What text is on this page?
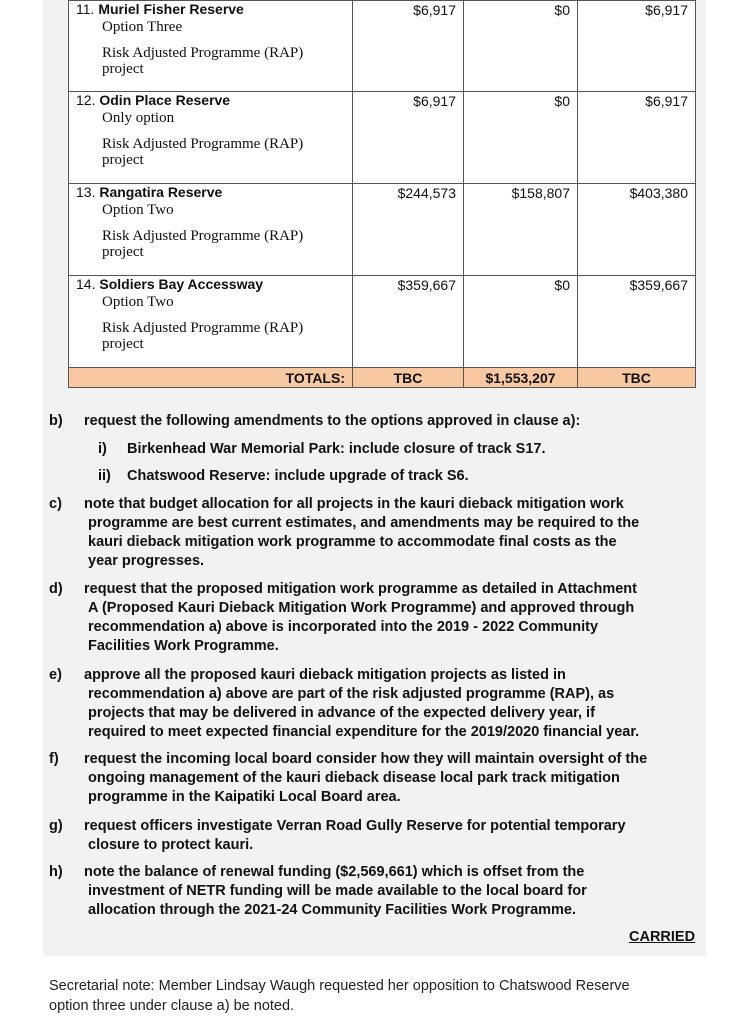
11. Muriel Fisher Reserve
Option Three
Risk Adjusted Programme (RAP)
project	$6,917	$0	$6,917

12. Odin Place Reserve
Only option
Risk Adjusted Programme (RAP)
project	$6,917	$0	$6,917

13. Rangatira Reserve
Option Two
Risk Adjusted Programme (RAP)
project	$244,573	$158,807	$403,380

14. Soldiers Bay Accessway
Option Two
Risk Adjusted Programme (RAP)
project	$359,667	$0	$359,667
TOTALS:	TBC	$1,553,207	TBC
b) request the following amendments to the options approved in clause a):
i) Birkenhead War Memorial Park: include closure of track S17.
ii) Chatswood Reserve: include upgrade of track S6.
c) note that budget allocation for all projects in the kauri dieback mitigation work
programme are best current estimates, and amendments may be required to the
kauri dieback mitigation work programme to accommodate final costs as the
year progresses.
d) request that the proposed mitigation work programme as detailed in Attachment
A (Proposed Kauri Dieback Mitigation Work Programme) and approved through
recommendation a) above is incorporated into the 2019 - 2022 Community
Facilities Work Programme.
e) approve all the proposed kauri dieback mitigation projects as listed in
recommendation a) above are part of the risk adjusted programme (RAP), as
projects that may be delivered in advance of the expected delivery year, if
required to meet expected financial expenditure for the 2019/2020 financial year.
f) request the incoming local board consider how they will maintain oversight of the
ongoing management of the kauri dieback disease local park track mitigation
programme in the Kaipatiki Local Board area.
g) request officers investigate Verran Road Gully Reserve for potential temporary
closure to protect kauri.
h) note the balance of renewal funding ($2,569,661) which is offset from the
investment of NETR funding will be made available to the local board for
allocation through the 2021-24 Community Facilities Work Programme.
CARRIED
Secretarial note: Member Lindsay Waugh requested her opposition to Chatswood Reserve
option three under clause a) be noted.
